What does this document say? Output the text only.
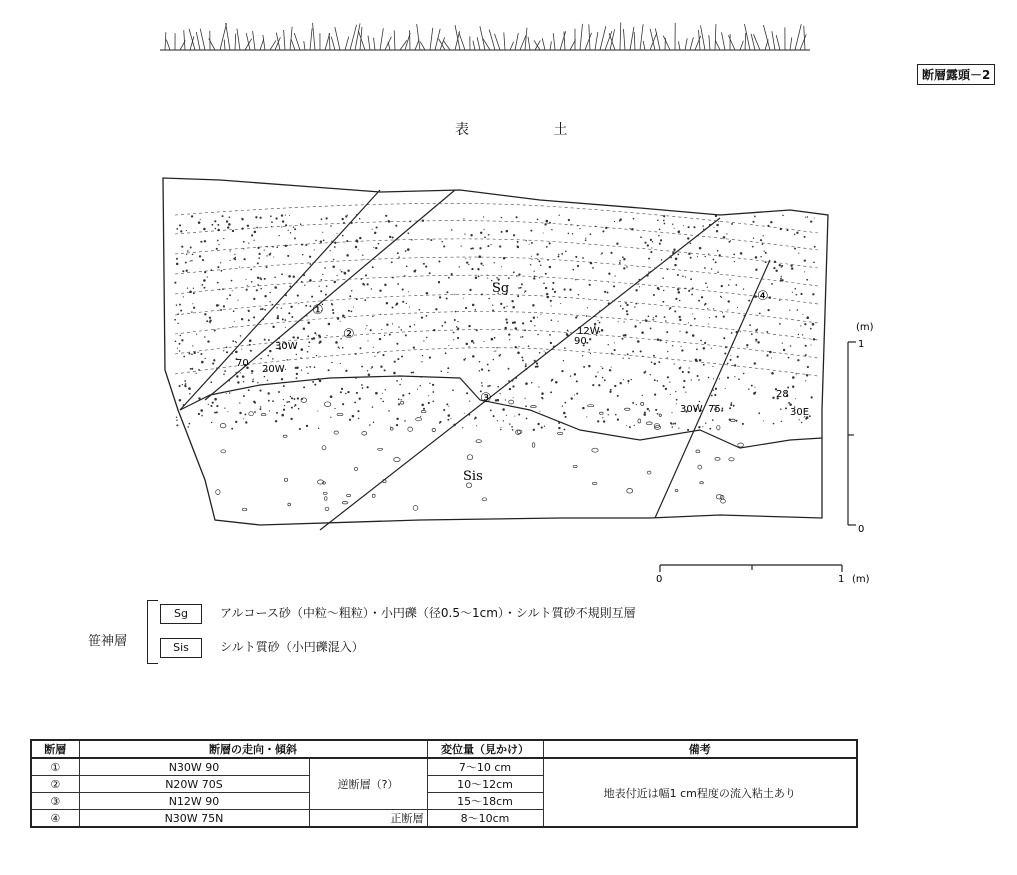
断層露頭－2
表 土
Sg
Sis
①
②
③
④
30W
20W
70
12W
90
30W 75
28
30E
(m)
1
0
0	1 (m)
笹神層
Sg	アルコース砂（中粒～粗粒）・小円礫（径0.5～1cm）・シルト質砂不規則互層
Sis	シルト質砂（小円礫混入）
断層	断層の走向・傾斜		変位量（見かけ）	備考
①	N30W 90		7～10 cm	地表付近は幅1 cm程度の流入粘土あり
②	N20W 70S	逆断層（?）	10～12cm	
③	N12W 90		15～18cm	
④	N30W 75N	正断層	8～10cm	
